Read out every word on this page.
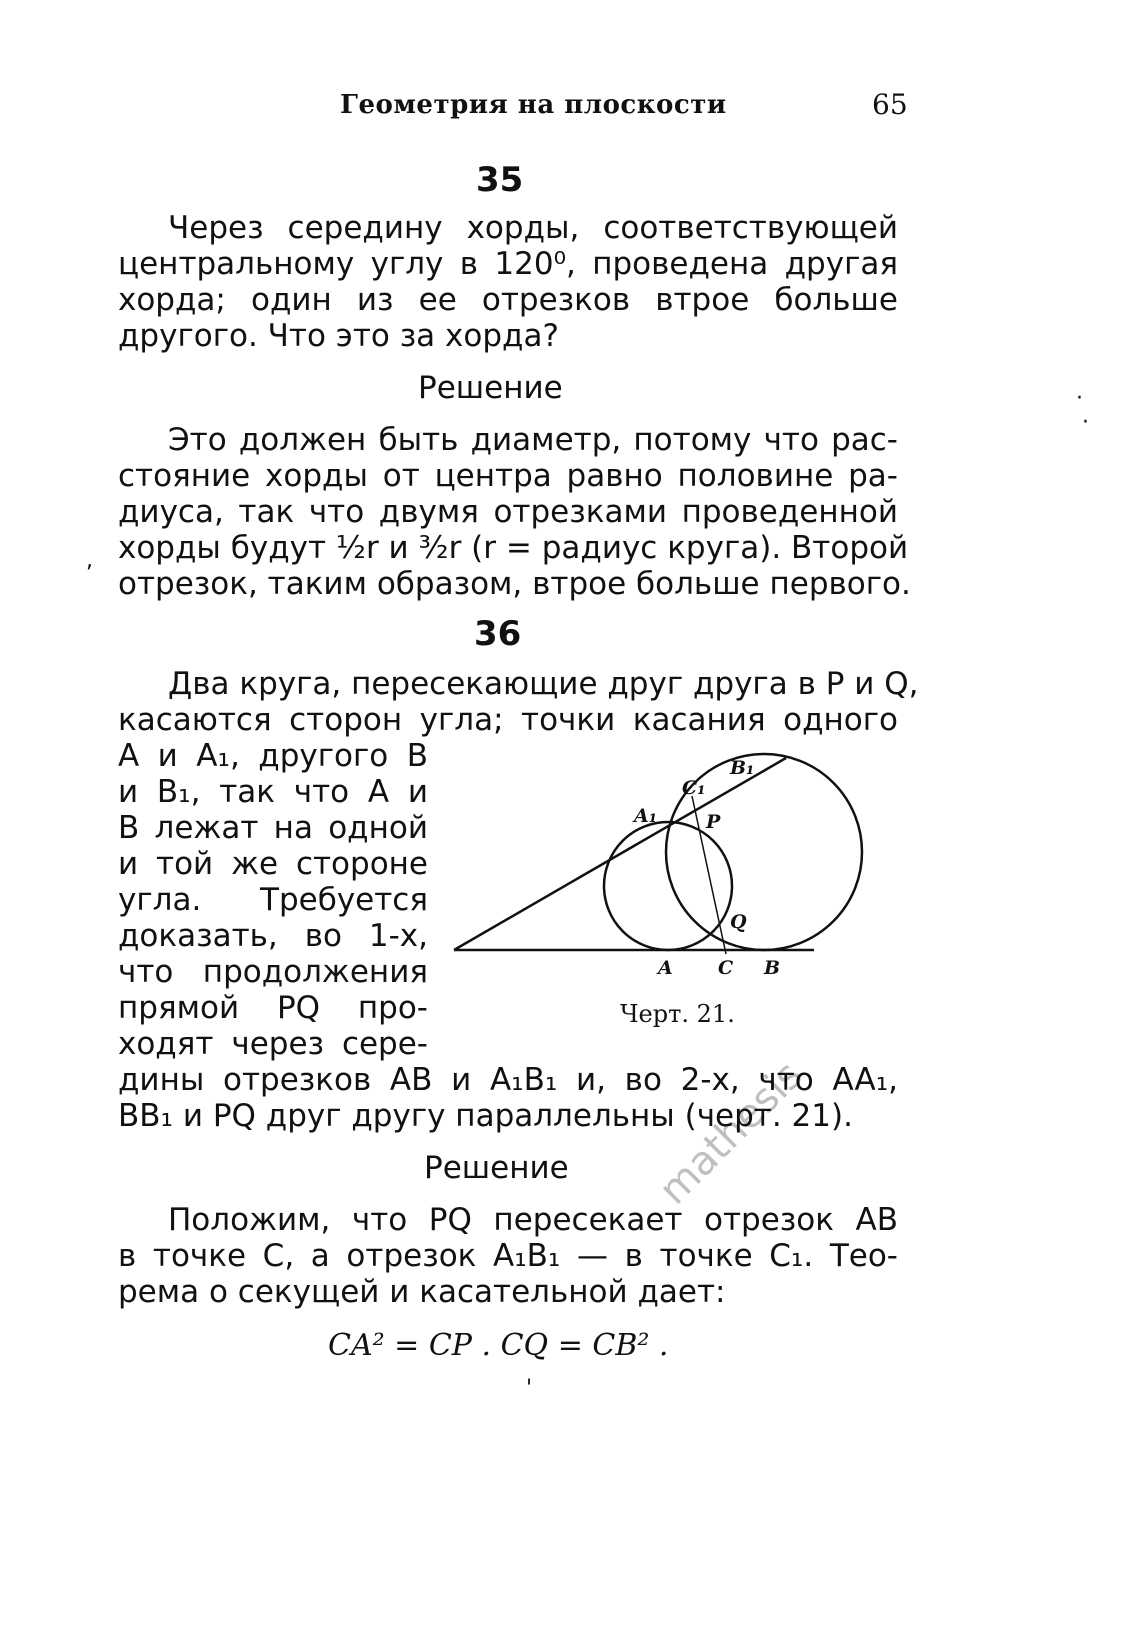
Геометрия на плоскости	65
35
Через середину хорды, соответствующей
центральному углу в 120⁰, проведена другая
хорда; один из ее отрезков втрое больше
другого. Что это за хорда?
Решение
Это должен быть диаметр, потому что рас-
стояние хорды от центра равно половине ра-
диуса, так что двумя отрезками проведенной
хорды будут ½r и ³⁄₂r (r = радиус круга). Второй
отрезок, таким образом, втрое больше первого.
36
Два круга, пересекающие друг друга в P и Q,
касаются сторон угла; точки касания одного
A и A₁, другого B
и B₁, так что A и
B лежат на одной
и той же стороне
угла. Требуется
доказать, во 1-х,
что продолжения
прямой PQ про-
ходят через сере-
B₁
C₁
A₁	P
Q
A C B
Черт. 21.
дины отрезков AB и A₁B₁ и, во 2-х, что AA₁,
BB₁ и PQ друг другу параллельны (черт. 21).
Решение
Положим, что PQ пересекает отрезок AB
в точке C, а отрезок A₁B₁ — в точке C₁. Тео-
рема о секущей и касательной дает:
CA² = CP . CQ = CB² .
mathesis
·
·
,
'
